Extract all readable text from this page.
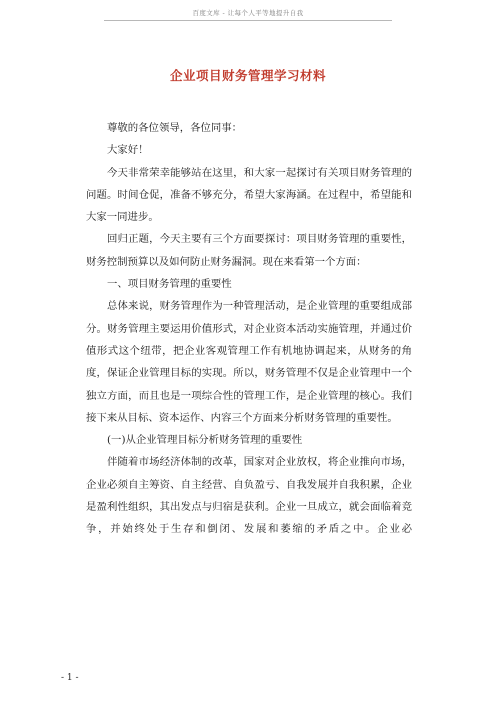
百度文库 - 让每个人平等地提升自我
企业项目财务管理学习材料

尊敬的各位领导，各位同事：

大家好！

今天非常荣幸能够站在这里，和大家一起探讨有关项目财务管理的问题。时间仓促，准备不够充分，希望大家海涵。在过程中，希望能和大家一同进步。

回归正题，今天主要有三个方面要探讨：项目财务管理的重要性，财务控制预算以及如何防止财务漏洞。现在来看第一个方面：

一、项目财务管理的重要性

总体来说，财务管理作为一种管理活动，是企业管理的重要组成部分。财务管理主要运用价值形式，对企业资本活动实施管理，并通过价值形式这个纽带，把企业客观管理工作有机地协调起来，从财务的角度，保证企业管理目标的实现。所以，财务管理不仅是企业管理中一个独立方面，而且也是一项综合性的管理工作，是企业管理的核心。我们接下来从目标、资本运作、内容三个方面来分析财务管理的重要性。

(一)从企业管理目标分析财务管理的重要性

伴随着市场经济体制的改革，国家对企业放权，将企业推向市场，企业必须自主筹资、自主经营、自负盈亏、自我发展并自我积累，企业是盈利性组织，其出发点与归宿是获利。企业一旦成立，就会面临着竞争，并始终处于生存和倒闭、发展和萎缩的矛盾之中。企业必

- 1 -
